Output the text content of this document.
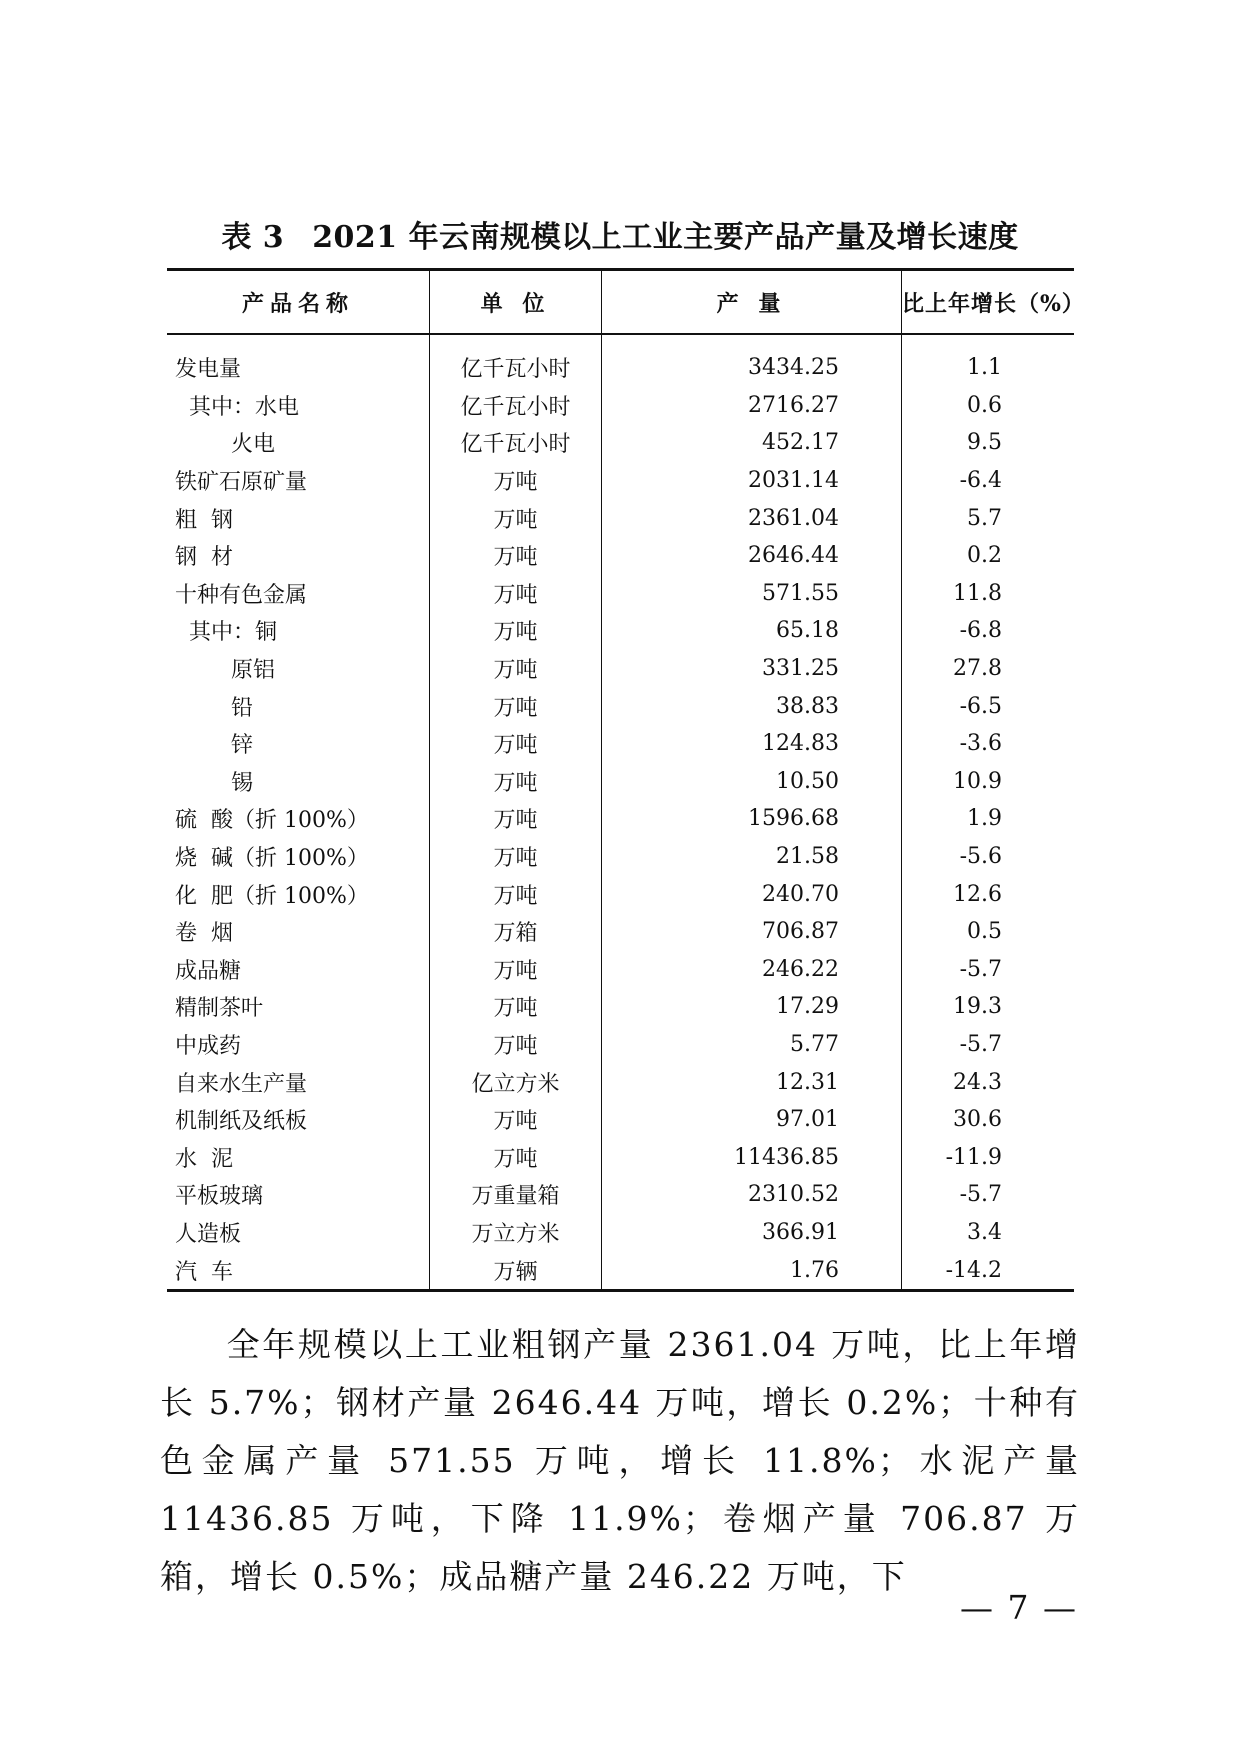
表 3 2021 年云南规模以上工业主要产品产量及增长速度
产品名称	单 位	产 量	比上年增长（%）
发电量	亿千瓦小时	3434.25	1.1
其中：水电	亿千瓦小时	2716.27	0.6
火电	亿千瓦小时	452.17	9.5
铁矿石原矿量	万吨	2031.14	-6.4
粗  钢	万吨	2361.04	5.7
钢  材	万吨	2646.44	0.2
十种有色金属	万吨	571.55	11.8
其中：铜	万吨	65.18	-6.8
原铝	万吨	331.25	27.8
铅	万吨	38.83	-6.5
锌	万吨	124.83	-3.6
锡	万吨	10.50	10.9
硫  酸（折 100%）	万吨	1596.68	1.9
烧  碱（折 100%）	万吨	21.58	-5.6
化  肥（折 100%）	万吨	240.70	12.6
卷  烟	万箱	706.87	0.5
成品糖	万吨	246.22	-5.7
精制茶叶	万吨	17.29	19.3
中成药	万吨	5.77	-5.7
自来水生产量	亿立方米	12.31	24.3
机制纸及纸板	万吨	97.01	30.6
水  泥	万吨	11436.85	-11.9
平板玻璃	万重量箱	2310.52	-5.7
人造板	万立方米	366.91	3.4
汽  车	万辆	1.76	-14.2
全年规模以上工业粗钢产量 2361.04 万吨，比上年增长 5.7%；钢材产量 2646.44 万吨，增长 0.2%；十种有色金属产量 571.55 万吨，增长 11.8%；水泥产量 11436.85 万吨，下降 11.9%；卷烟产量 706.87 万箱，增长 0.5%；成品糖产量 246.22 万吨，下
— 7 —
